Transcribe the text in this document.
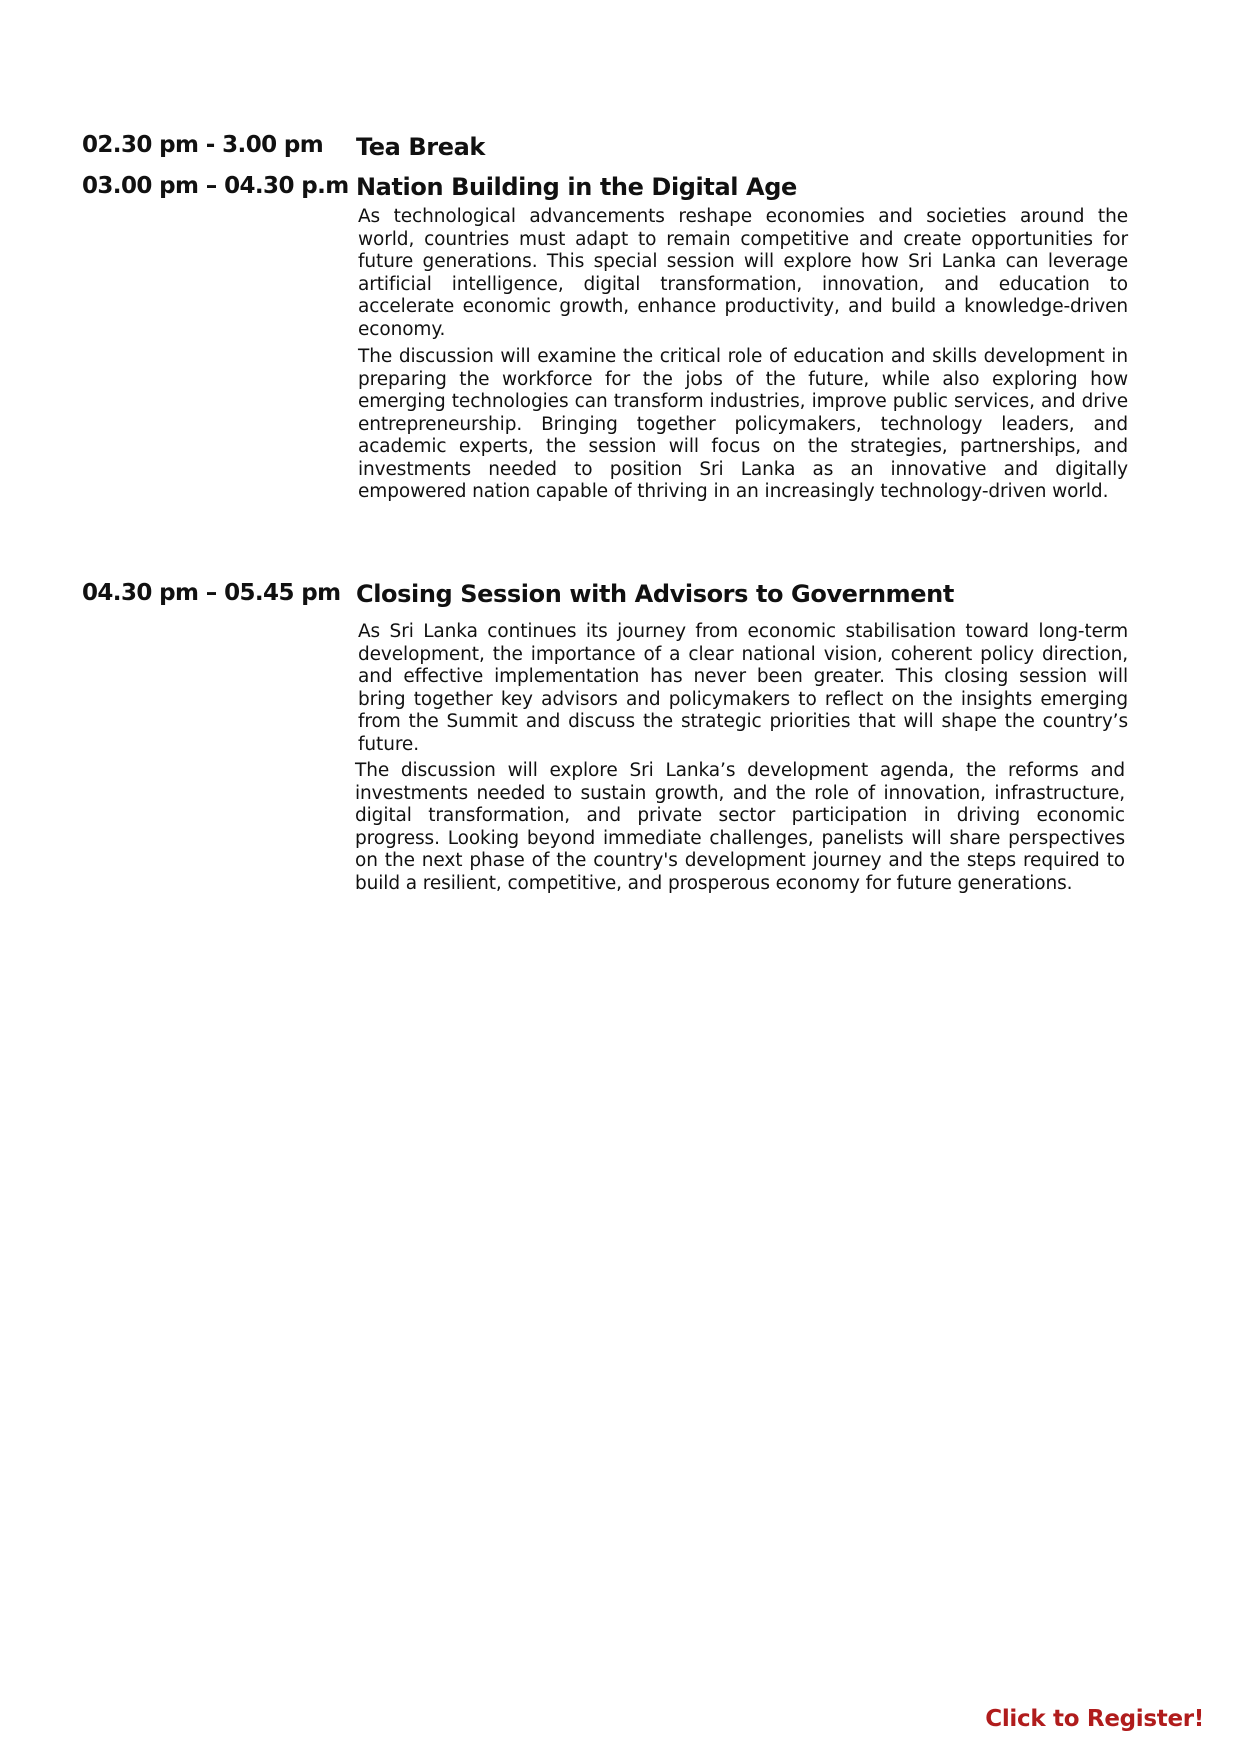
02.30 pm - 3.00 pm Tea Break
03.00 pm – 04.30 p.m Nation Building in the Digital Age

As technological advancements reshape economies and societies around the world, countries must adapt to remain competitive and create opportunities for future generations. This special session will explore how Sri Lanka can leverage artificial intelligence, digital transformation, innovation, and education to accelerate economic growth, enhance productivity, and build a knowledge-driven economy.

The discussion will examine the critical role of education and skills development in preparing the workforce for the jobs of the future, while also exploring how emerging technologies can transform industries, improve public services, and drive entrepreneurship. Bringing together policymakers, technology leaders, and academic experts, the session will focus on the strategies, partnerships, and investments needed to position Sri Lanka as an innovative and digitally empowered nation capable of thriving in an increasingly technology-driven world.

04.30 pm – 05.45 pm Closing Session with Advisors to Government

As Sri Lanka continues its journey from economic stabilisation toward long-term development, the importance of a clear national vision, coherent policy direction, and effective implementation has never been greater. This closing session will bring together key advisors and policymakers to reflect on the insights emerging from the Summit and discuss the strategic priorities that will shape the country’s future.

The discussion will explore Sri Lanka’s development agenda, the reforms and investments needed to sustain growth, and the role of innovation, infrastructure, digital transformation, and private sector participation in driving economic progress. Looking beyond immediate challenges, panelists will share perspectives on the next phase of the country's development journey and the steps required to build a resilient, competitive, and prosperous economy for future generations.

Click to Register!
